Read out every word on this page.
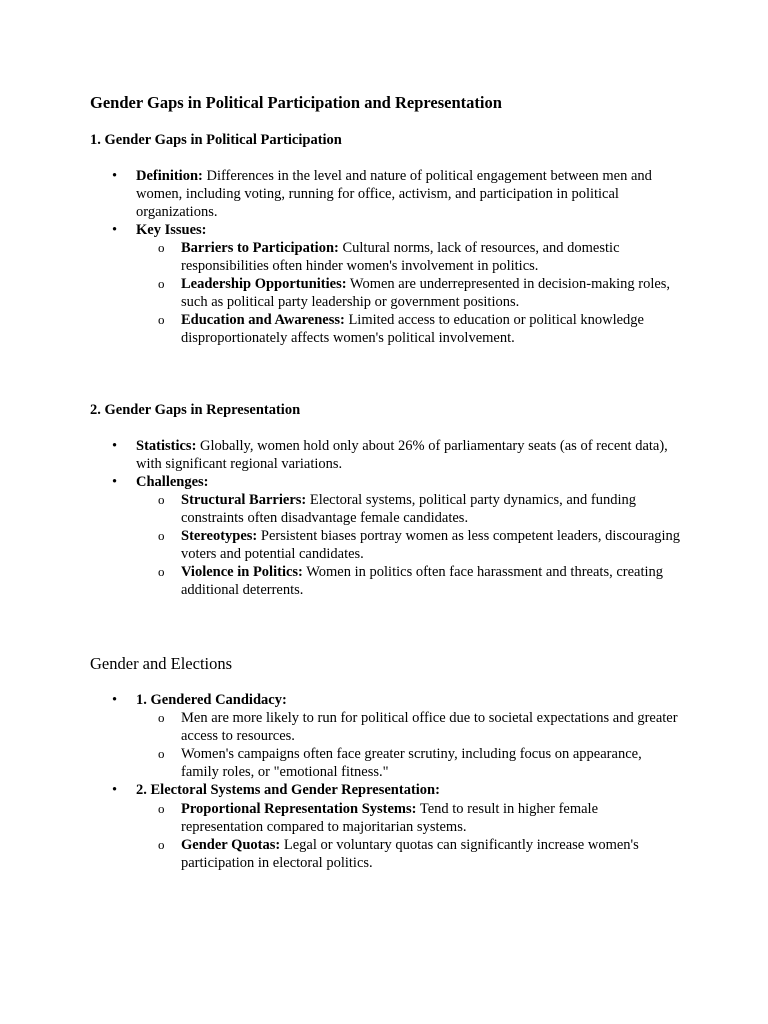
Gender Gaps in Political Participation and Representation
1. Gender Gaps in Political Participation
• Definition: Differences in the level and nature of political engagement between men and women, including voting, running for office, activism, and participation in political organizations.
• Key Issues:
o Barriers to Participation: Cultural norms, lack of resources, and domestic responsibilities often hinder women's involvement in politics.
o Leadership Opportunities: Women are underrepresented in decision-making roles, such as political party leadership or government positions.
o Education and Awareness: Limited access to education or political knowledge disproportionately affects women's political involvement.
2. Gender Gaps in Representation
• Statistics: Globally, women hold only about 26% of parliamentary seats (as of recent data), with significant regional variations.
• Challenges:
o Structural Barriers: Electoral systems, political party dynamics, and funding constraints often disadvantage female candidates.
o Stereotypes: Persistent biases portray women as less competent leaders, discouraging voters and potential candidates.
o Violence in Politics: Women in politics often face harassment and threats, creating additional deterrents.
Gender and Elections
• 1. Gendered Candidacy:
o Men are more likely to run for political office due to societal expectations and greater access to resources.
o Women's campaigns often face greater scrutiny, including focus on appearance, family roles, or "emotional fitness."
• 2. Electoral Systems and Gender Representation:
o Proportional Representation Systems: Tend to result in higher female representation compared to majoritarian systems.
o Gender Quotas: Legal or voluntary quotas can significantly increase women's participation in electoral politics.
